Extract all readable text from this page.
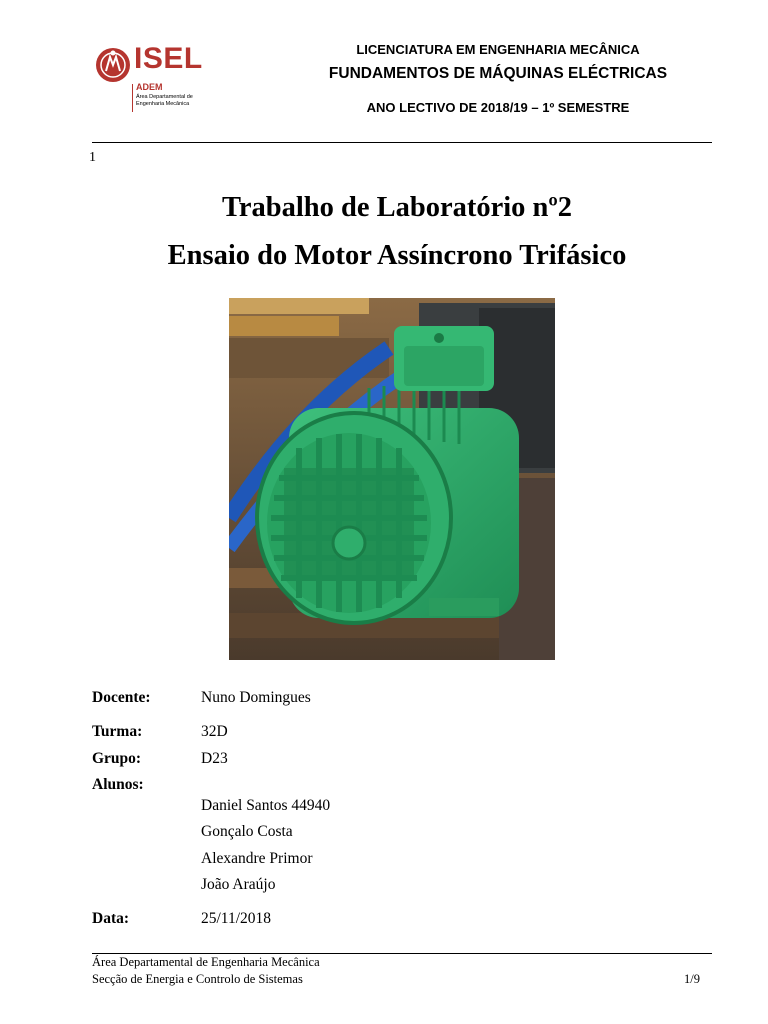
ISEL
ADEM
Área Departamental de
Engenharia Mecânica
LICENCIATURA EM ENGENHARIA MECÂNICA
FUNDAMENTOS DE MÁQUINAS ELÉCTRICAS
ANO LECTIVO DE 2018/19 – 1º SEMESTRE
1
Trabalho de Laboratório nº2
Ensaio do Motor Assíncrono Trifásico
Docente:	Nuno Domingues
Turma:	32D
Grupo:	D23
Alunos:
Daniel Santos 44940
Gonçalo Costa
Alexandre Primor
João Araújo
Data:	25/11/2018
Área Departamental de Engenharia Mecânica
Secção de Energia e Controlo de Sistemas	1/9
